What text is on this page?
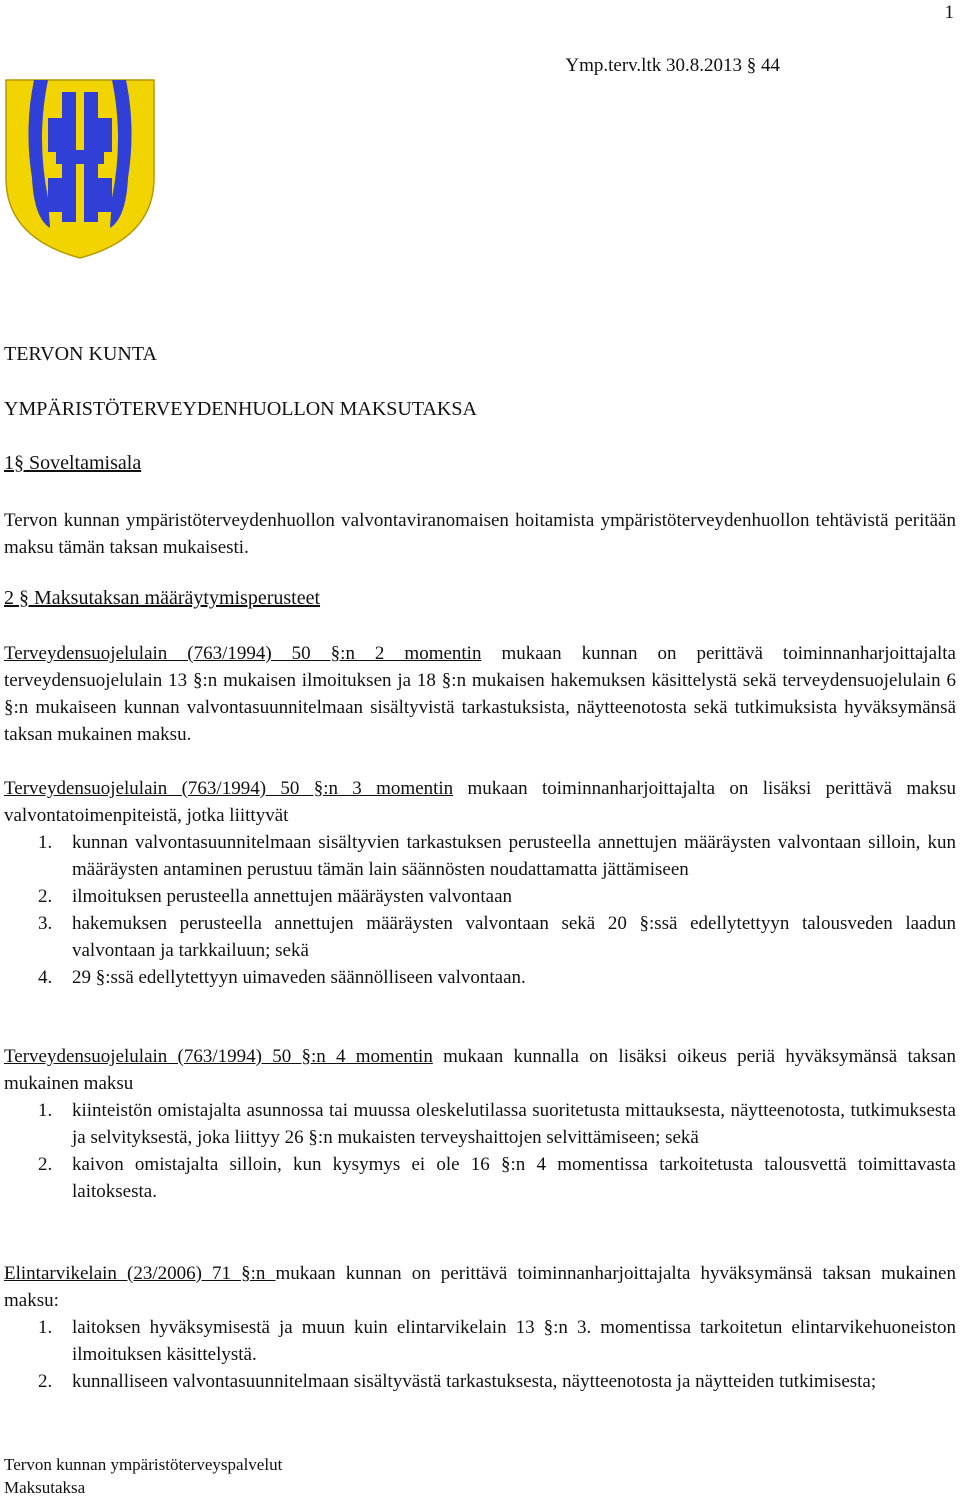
1
Ymp.terv.ltk 30.8.2013 § 44
TERVON KUNTA
YMPÄRISTÖTERVEYDENHUOLLON MAKSUTAKSA
1§ Soveltamisala
Tervon kunnan ympäristöterveydenhuollon valvontaviranomaisen hoitamista ympäristöterveydenhuollon tehtävistä peritään maksu tämän taksan mukaisesti.
2 § Maksutaksan määräytymisperusteet
Terveydensuojelulain (763/1994) 50 §:n 2 momentin mukaan kunnan on perittävä toiminnanharjoittajalta terveydensuojelulain 13 §:n mukaisen ilmoituksen ja 18 §:n mukaisen hakemuksen käsittelystä sekä terveydensuojelulain 6 §:n mukaiseen kunnan valvontasuunnitelmaan sisältyvistä tarkastuksista, näytteenotosta sekä tutkimuksista hyväksymänsä taksan mukainen maksu.
Terveydensuojelulain (763/1994) 50 §:n 3 momentin mukaan toiminnanharjoittajalta on lisäksi perittävä maksu valvontatoimenpiteistä, jotka liittyvät
1. kunnan valvontasuunnitelmaan sisältyvien tarkastuksen perusteella annettujen määräysten valvontaan silloin, kun määräysten antaminen perustuu tämän lain säännösten noudattamatta jättämiseen
2. ilmoituksen perusteella annettujen määräysten valvontaan
3. hakemuksen perusteella annettujen määräysten valvontaan sekä 20 §:ssä edellytettyyn talousveden laadun valvontaan ja tarkkailuun; sekä
4. 29 §:ssä edellytettyyn uimaveden säännölliseen valvontaan.
Terveydensuojelulain (763/1994) 50 §:n 4 momentin mukaan kunnalla on lisäksi oikeus periä hyväksymänsä taksan mukainen maksu
1. kiinteistön omistajalta asunnossa tai muussa oleskelutilassa suoritetusta mittauksesta, näytteenotosta, tutkimuksesta ja selvityksestä, joka liittyy 26 §:n mukaisten terveyshaittojen selvittämiseen; sekä
2. kaivon omistajalta silloin, kun kysymys ei ole 16 §:n 4 momentissa tarkoitetusta talousvettä toimittavasta laitoksesta.
Elintarvikelain (23/2006) 71 §:n mukaan kunnan on perittävä toiminnanharjoittajalta hyväksymänsä taksan mukainen maksu:
1. laitoksen hyväksymisestä ja muun kuin elintarvikelain 13 §:n 3. momentissa tarkoitetun elintarvikehuoneiston ilmoituksen käsittelystä.
2. kunnalliseen valvontasuunnitelmaan sisältyvästä tarkastuksesta, näytteenotosta ja näytteiden tutkimisesta;
Tervon kunnan ympäristöterveyspalvelut
Maksutaksa
